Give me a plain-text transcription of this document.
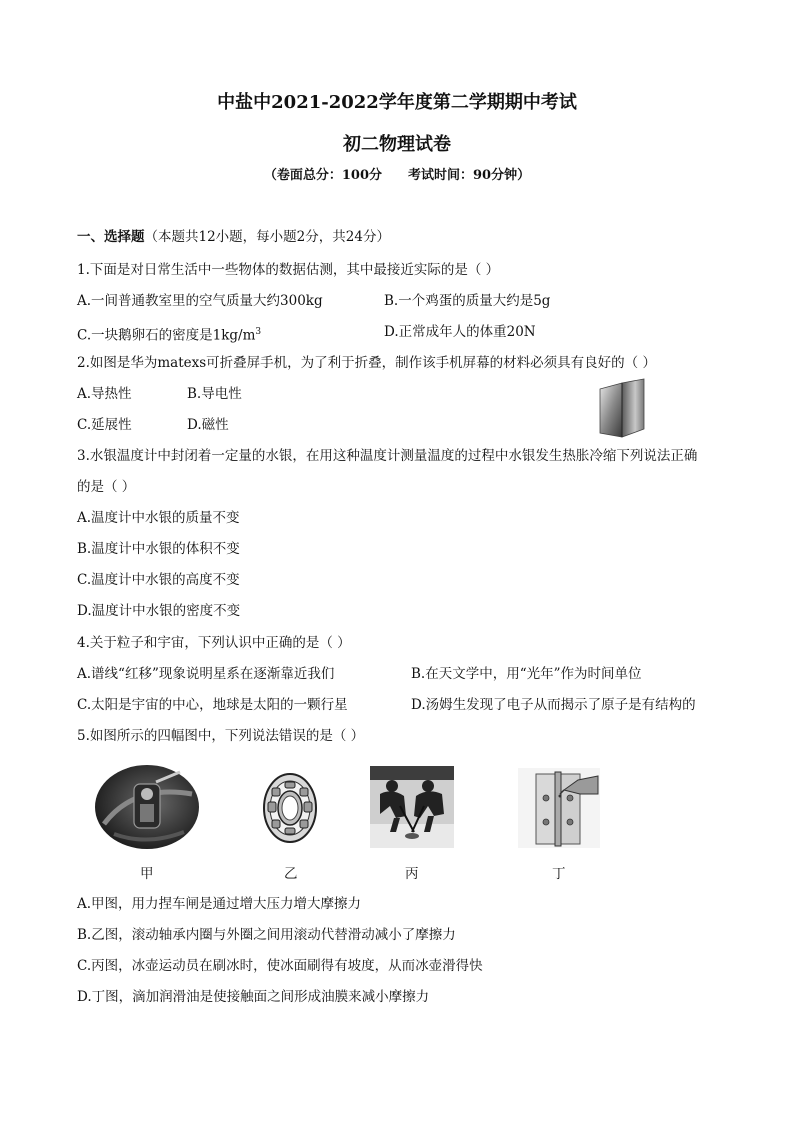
中盐中2021-2022学年度第二学期期中考试
初二物理试卷
（卷面总分：100分 考试时间：90分钟）
一、选择题（本题共12小题，每小题2分，共24分）
1.下面是对日常生活中一些物体的数据估测，其中最接近实际的是（ ）
A.一间普通教室里的空气质量大约300kg	B.一个鸡蛋的质量大约是5g
C.一块鹅卵石的密度是$1kg/m^3$	D.正常成年人的体重20N
2.如图是华为matexs可折叠屏手机，为了利于折叠，制作该手机屏幕的材料必须具有良好的（ ）
A.导热性	B.导电性
C.延展性	D.磁性
3.水银温度计中封闭着一定量的水银，在用这种温度计测量温度的过程中水银发生热胀冷缩下列说法正确
的是（ ）
A.温度计中水银的质量不变
B.温度计中水银的体积不变
C.温度计中水银的高度不变
D.温度计中水银的密度不变
4.关于粒子和宇宙，下列认识中正确的是（ ）
A.谱线“红移”现象说明星系在逐渐靠近我们	B.在天文学中，用“光年”作为时间单位
C.太阳是宇宙的中心，地球是太阳的一颗行星	D.汤姆生发现了电子从而揭示了原子是有结构的
5.如图所示的四幅图中，下列说法错误的是（ ）
甲	乙	丙	丁
A.甲图，用力捏车闸是通过增大压力增大摩擦力
B.乙图，滚动轴承内圈与外圈之间用滚动代替滑动减小了摩擦力
C.丙图，冰壶运动员在刷冰时，使冰面刷得有坡度，从而冰壶滑得快
D.丁图，滴加润滑油是使接触面之间形成油膜来减小摩擦力
